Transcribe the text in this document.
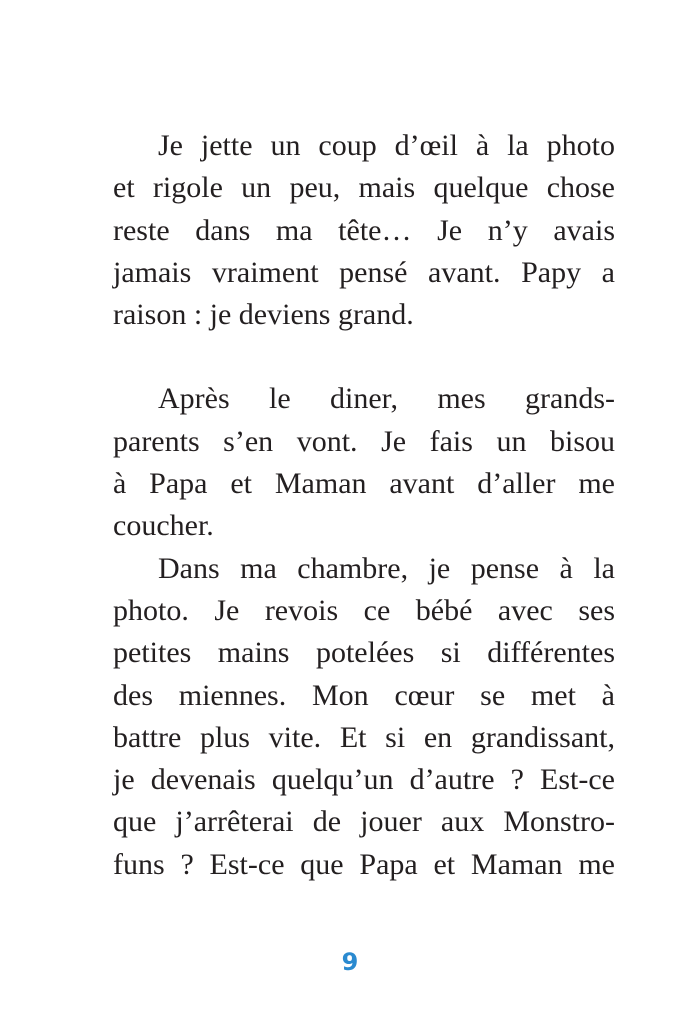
Je jette un coup d’œil à la photo
et rigole un peu, mais quelque chose
reste dans ma tête… Je n’y avais
jamais vraiment pensé avant. Papy a
raison : je deviens grand.
Après le diner, mes grands-
parents s’en vont. Je fais un bisou
à Papa et Maman avant d’aller me
coucher.
Dans ma chambre, je pense à la
photo. Je revois ce bébé avec ses
petites mains potelées si différentes
des miennes. Mon cœur se met à
battre plus vite. Et si en grandissant,
je devenais quelqu’un d’autre ? Est-ce
que j’arrêterai de jouer aux Monstro-
funs ? Est-ce que Papa et Maman me
9
